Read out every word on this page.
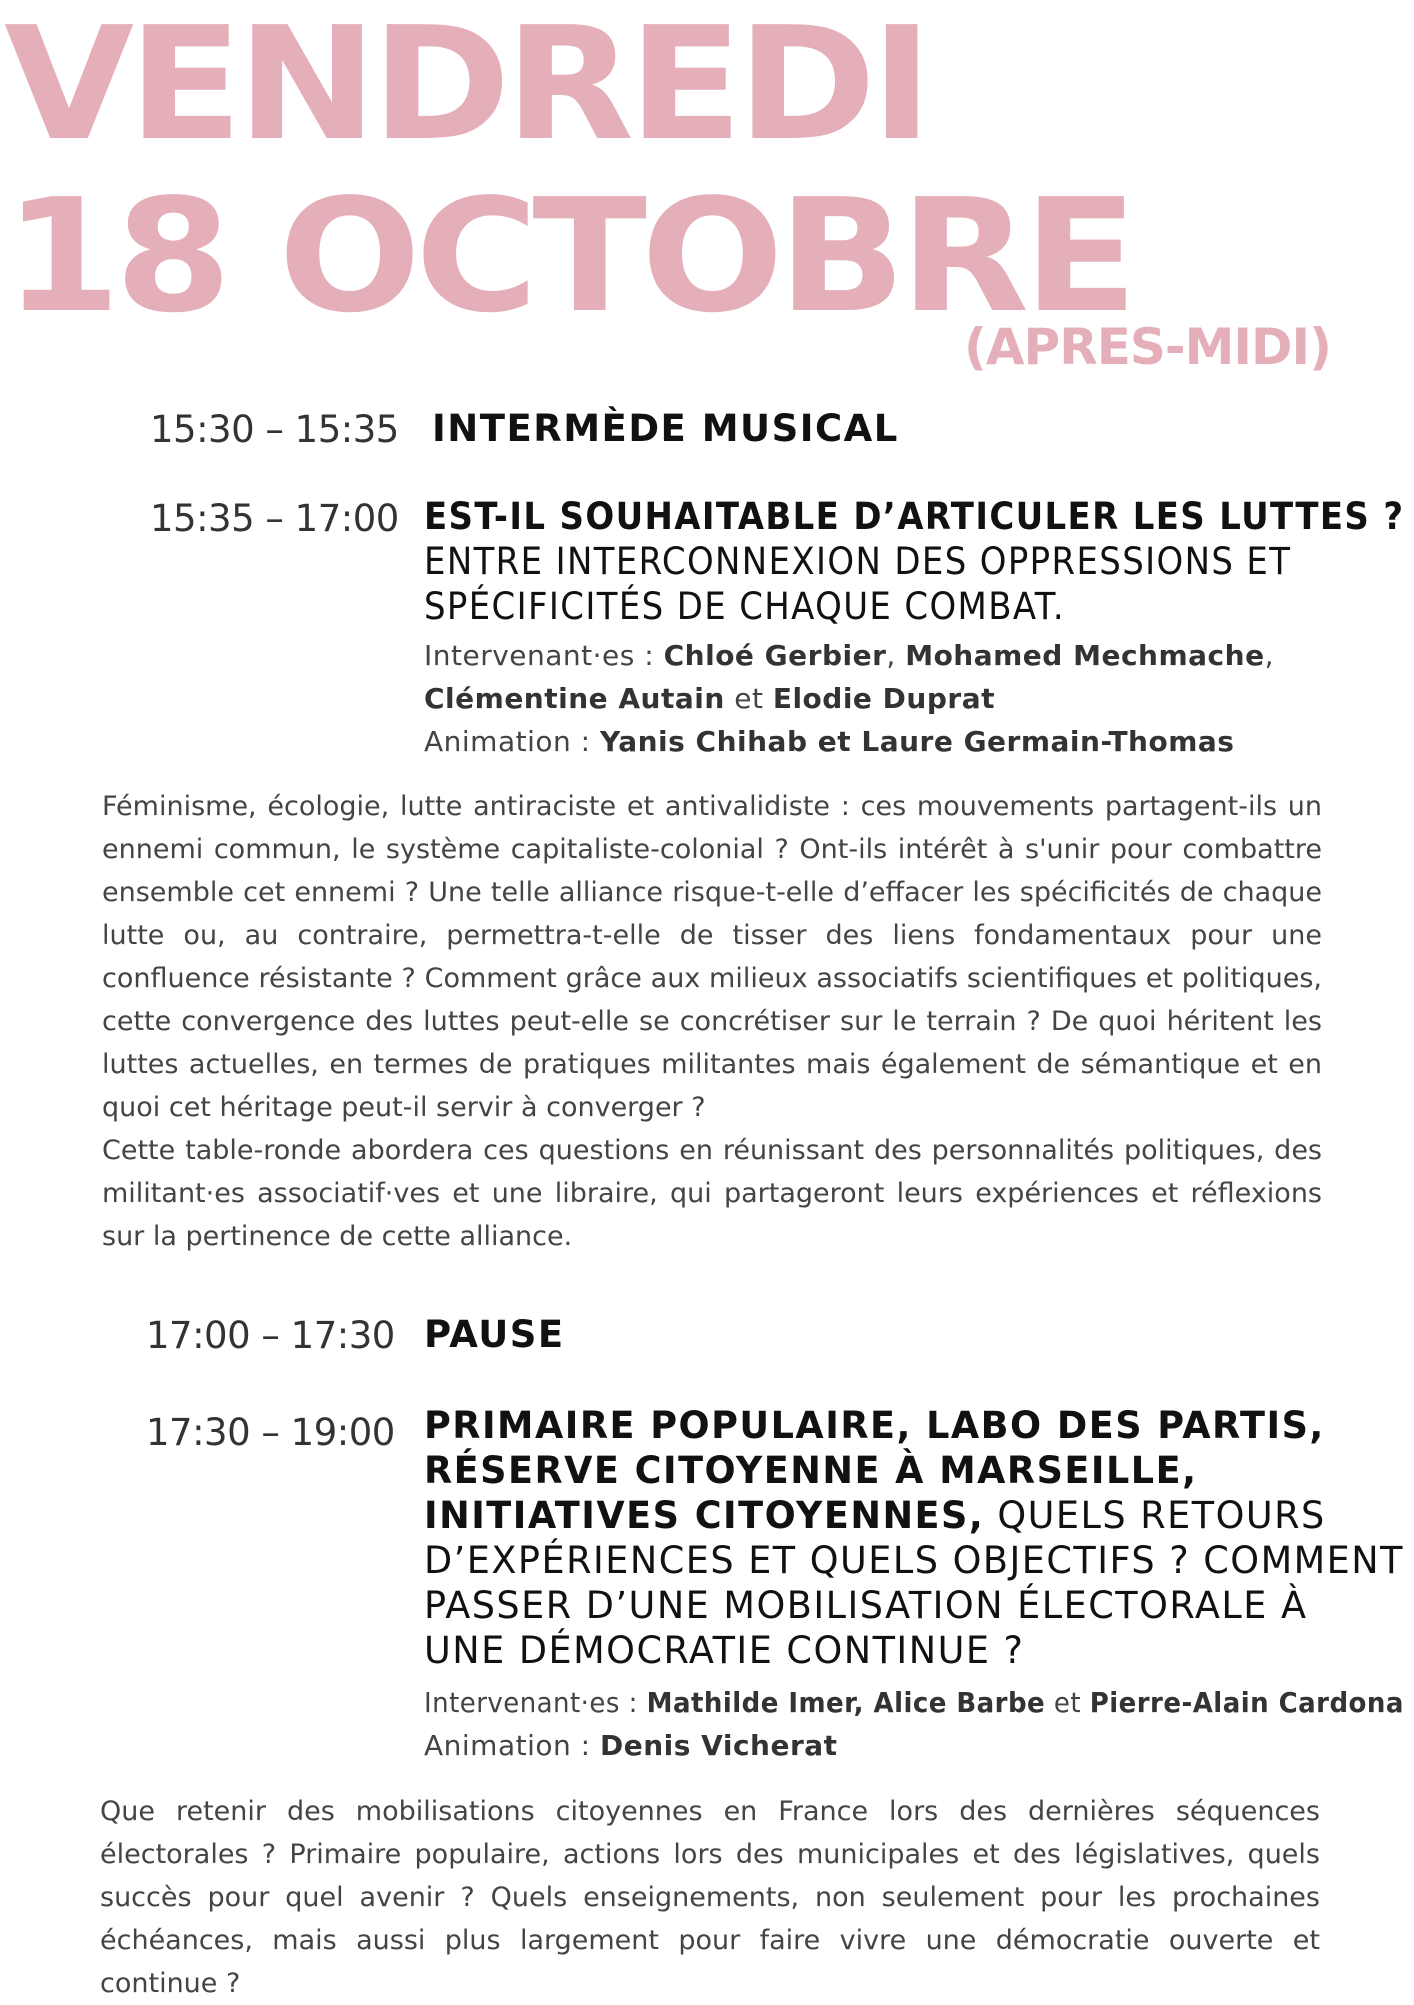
VENDREDI
18 OCTOBRE
(APRES-MIDI)
15:30 – 15:35 INTERMÈDE MUSICAL
15:35 – 17:00 EST-IL SOUHAITABLE D’ARTICULER LES LUTTES ?
ENTRE INTERCONNEXION DES OPPRESSIONS ET
SPÉCIFICITÉS DE CHAQUE COMBAT.
Intervenant·es : Chloé Gerbier, Mohamed Mechmache,
Clémentine Autain et Elodie Duprat
Animation : Yanis Chihab et Laure Germain-Thomas

Féminisme, écologie, lutte antiraciste et antivalidiste : ces mouvements partagent-ils un ennemi commun, le système capitaliste-colonial ? Ont-ils intérêt à s'unir pour combattre ensemble cet ennemi ? Une telle alliance risque-t-elle d’effacer les spécificités de chaque lutte ou, au contraire, permettra-t-elle de tisser des liens fondamentaux pour une confluence résistante ? Comment grâce aux milieux associatifs scientifiques et politiques, cette convergence des luttes peut-elle se concrétiser sur le terrain ? De quoi héritent les luttes actuelles, en termes de pratiques militantes mais également de sémantique et en quoi cet héritage peut-il servir à converger ?

Cette table-ronde abordera ces questions en réunissant des personnalités politiques, des militant·es associatif·ves et une libraire, qui partageront leurs expériences et réflexions sur la pertinence de cette alliance.

17:00 – 17:30 PAUSE
17:30 – 19:00 PRIMAIRE POPULAIRE, LABO DES PARTIS,
RÉSERVE CITOYENNE À MARSEILLE,
INITIATIVES CITOYENNES, QUELS RETOURS
D’EXPÉRIENCES ET QUELS OBJECTIFS ? COMMENT
PASSER D’UNE MOBILISATION ÉLECTORALE À
UNE DÉMOCRATIE CONTINUE ?
Intervenant·es : Mathilde Imer, Alice Barbe et Pierre-Alain Cardona
Animation : Denis Vicherat

Que retenir des mobilisations citoyennes en France lors des dernières séquences électorales ? Primaire populaire, actions lors des municipales et des législatives, quels succès pour quel avenir ? Quels enseignements, non seulement pour les prochaines échéances, mais aussi plus largement pour faire vivre une démocratie ouverte et continue ?
